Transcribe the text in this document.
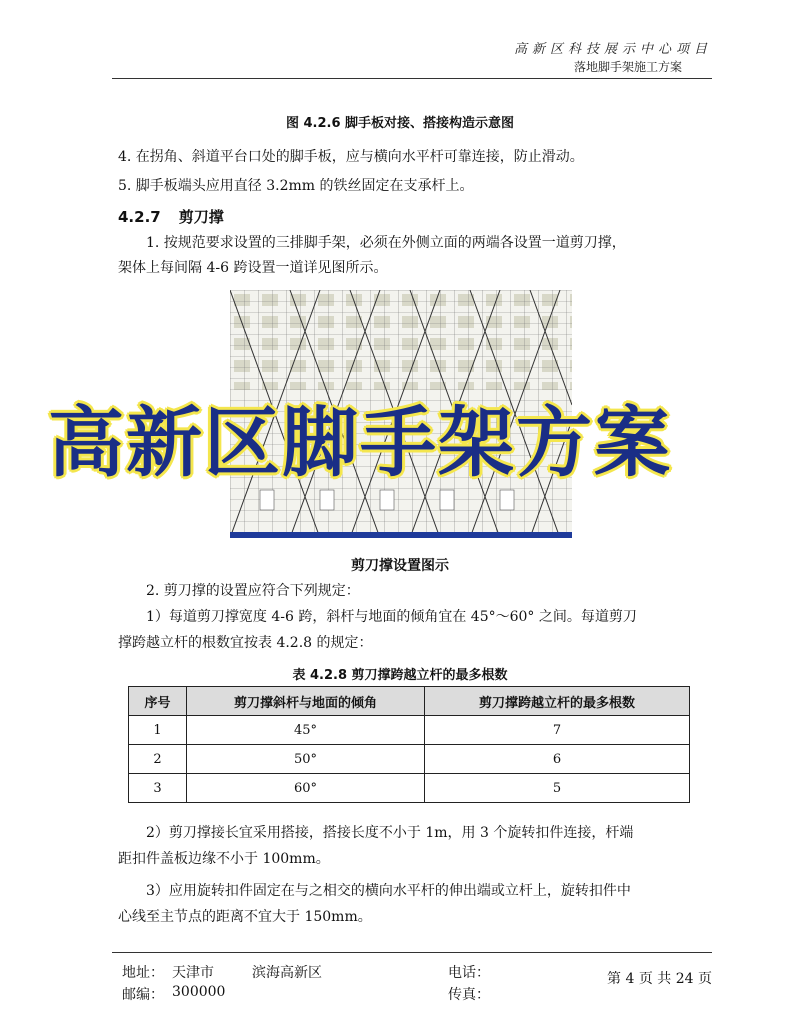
高新区科技展示中心项目
落地脚手架施工方案
图 4.2.6 脚手板对接、搭接构造示意图
4. 在拐角、斜道平台口处的脚手板，应与横向水平杆可靠连接，防止滑动。
5. 脚手板端头应用直径 3.2mm 的铁丝固定在支承杆上。
4.2.7 剪刀撑
1. 按规范要求设置的三排脚手架，必须在外侧立面的两端各设置一道剪刀撑，
架体上每间隔 4-6 跨设置一道详见图所示。
高新区脚手架方案
剪刀撑设置图示
2. 剪刀撑的设置应符合下列规定：
1）每道剪刀撑宽度 4-6 跨，斜杆与地面的倾角宜在 45°～60° 之间。每道剪刀
撑跨越立杆的根数宜按表 4.2.8 的规定：
表 4.2.8 剪刀撑跨越立杆的最多根数
序号	剪刀撑斜杆与地面的倾角	剪刀撑跨越立杆的最多根数
1	45°	7
2	50°	6
3	60°	5
2）剪刀撑接长宜采用搭接，搭接长度不小于 1m，用 3 个旋转扣件连接，杆端
距扣件盖板边缘不小于 100mm。
3）应用旋转扣件固定在与之相交的横向水平杆的伸出端或立杆上，旋转扣件中
心线至主节点的距离不宜大于 150mm。
地址： 天津市	滨海高新区
邮编： 300000
电话：
传真：
第 4 页 共 24 页
